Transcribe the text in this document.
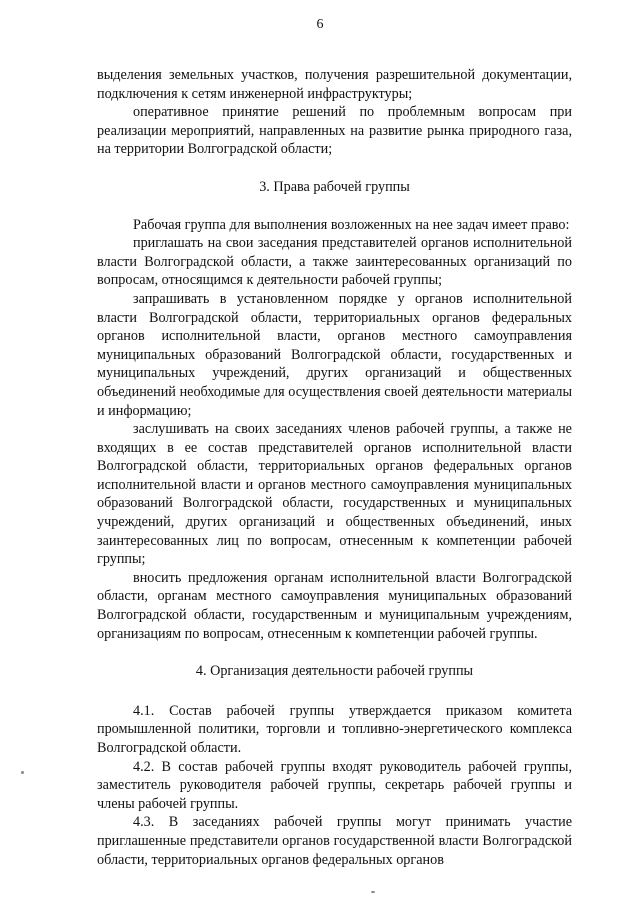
6

выделения земельных участков, получения разрешительной документации, подключения к сетям инженерной инфраструктуры;

оперативное принятие решений по проблемным вопросам при реализации мероприятий, направленных на развитие рынка природного газа, на территории Волгоградской области;

3. Права рабочей группы

Рабочая группа для выполнения возложенных на нее задач имеет право:

приглашать на свои заседания представителей органов исполнительной власти Волгоградской области, а также заинтересованных организаций по вопросам, относящимся к деятельности рабочей группы;

запрашивать в установленном порядке у органов исполнительной власти Волгоградской области, территориальных органов федеральных органов исполнительной власти, органов местного самоуправления муниципальных образований Волгоградской области, государственных и муниципальных учреждений, других организаций и общественных объединений необходимые для осуществления своей деятельности материалы и информацию;

заслушивать на своих заседаниях членов рабочей группы, а также не входящих в ее состав представителей органов исполнительной власти Волгоградской области, территориальных органов федеральных органов исполнительной власти и органов местного самоуправления муниципальных образований Волгоградской области, государственных и муниципальных учреждений, других организаций и общественных объединений, иных заинтересованных лиц по вопросам, отнесенным к компетенции рабочей группы;

вносить предложения органам исполнительной власти Волгоградской области, органам местного самоуправления муниципальных образований Волгоградской области, государственным и муниципальным учреждениям, организациям по вопросам, отнесенным к компетенции рабочей группы.

4. Организация деятельности рабочей группы

4.1. Состав рабочей группы утверждается приказом комитета промышленной политики, торговли и топливно-энергетического комплекса Волгоградской области.

4.2. В состав рабочей группы входят руководитель рабочей группы, заместитель руководителя рабочей группы, секретарь рабочей группы и члены рабочей группы.

4.3. В заседаниях рабочей группы могут принимать участие приглашенные представители органов государственной власти Волгоградской области, территориальных органов федеральных органов
